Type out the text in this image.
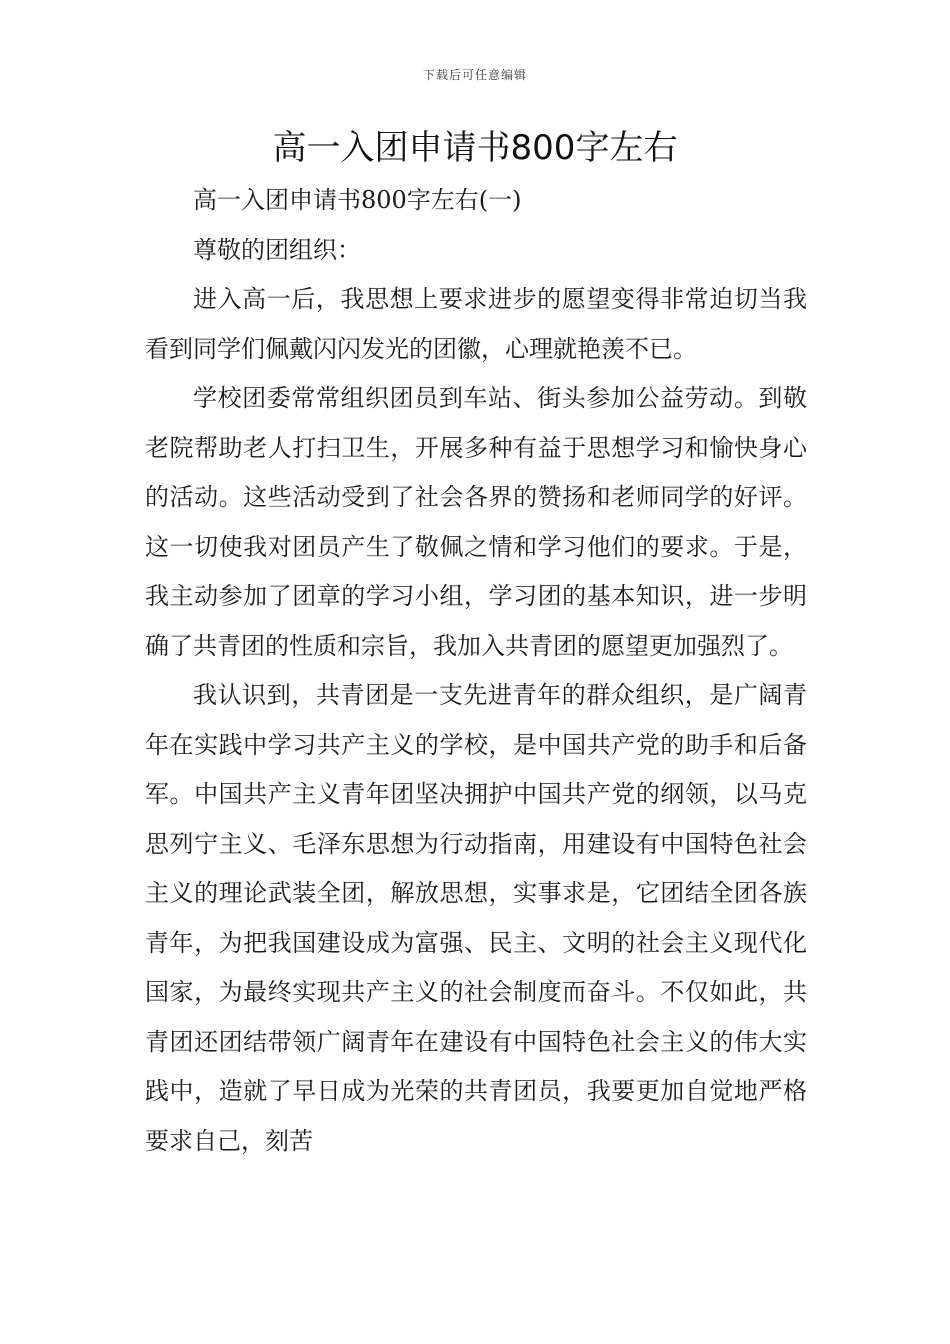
下载后可任意编辑
高一入团申请书800字左右

高一入团申请书800字左右(一)

尊敬的团组织：

进入高一后，我思想上要求进步的愿望变得非常迫切当我看到同学们佩戴闪闪发光的团徽，心理就艳羡不已。

学校团委常常组织团员到车站、街头参加公益劳动。到敬老院帮助老人打扫卫生，开展多种有益于思想学习和愉快身心的活动。这些活动受到了社会各界的赞扬和老师同学的好评。这一切使我对团员产生了敬佩之情和学习他们的要求。于是，我主动参加了团章的学习小组，学习团的基本知识，进一步明确了共青团的性质和宗旨，我加入共青团的愿望更加强烈了。

我认识到，共青团是一支先进青年的群众组织，是广阔青年在实践中学习共产主义的学校，是中国共产党的助手和后备军。中国共产主义青年团坚决拥护中国共产党的纲领，以马克思列宁主义、毛泽东思想为行动指南，用建设有中国特色社会主义的理论武装全团，解放思想，实事求是，它团结全团各族青年，为把我国建设成为富强、民主、文明的社会主义现代化国家，为最终实现共产主义的社会制度而奋斗。不仅如此，共青团还团结带领广阔青年在建设有中国特色社会主义的伟大实践中，造就了早日成为光荣的共青团员，我要更加自觉地严格要求自己，刻苦
